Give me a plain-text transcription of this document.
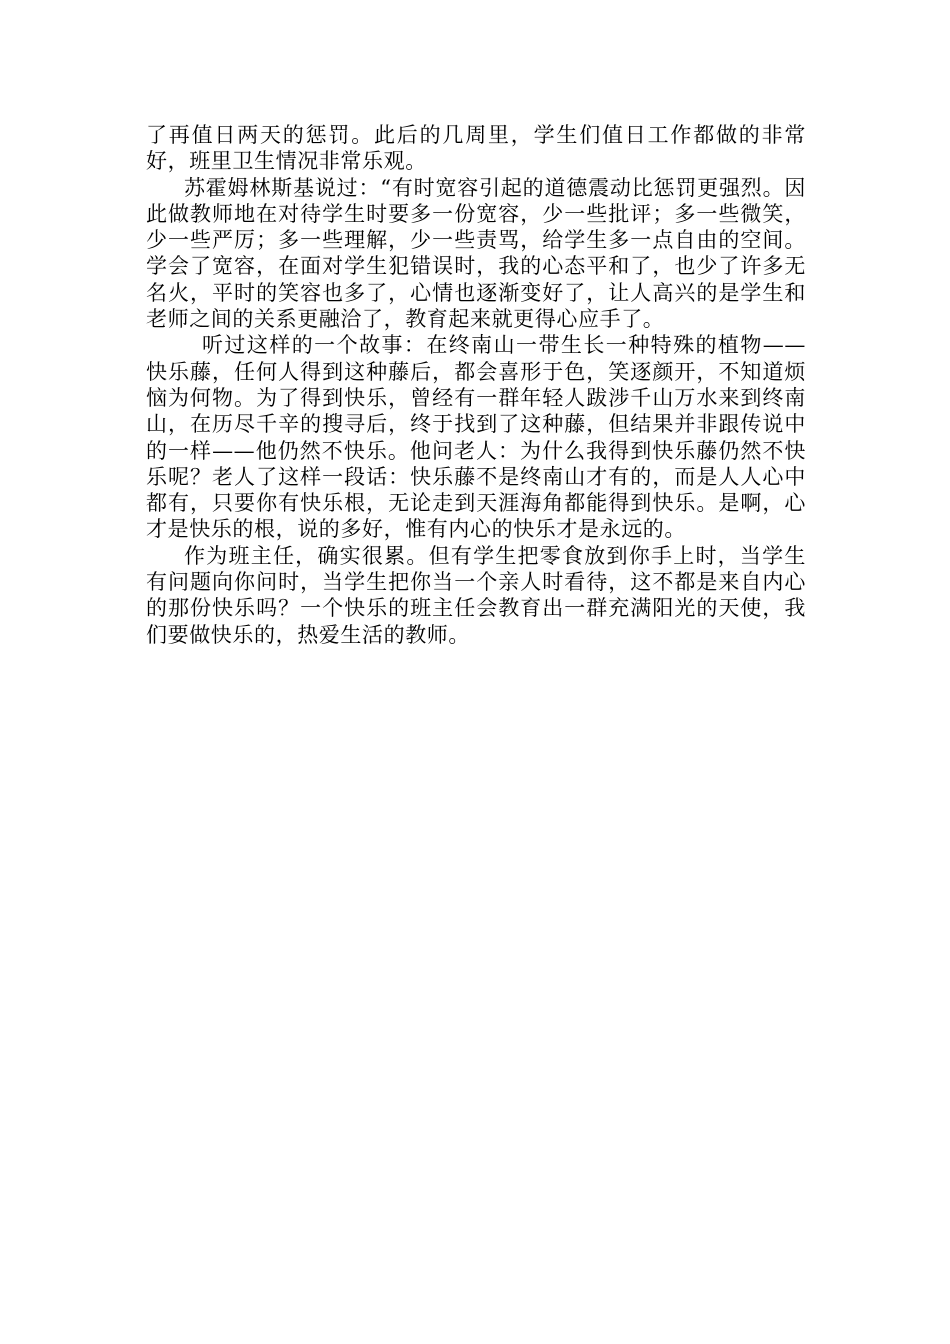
了再值日两天的惩罚。此后的几周里，学生们值日工作都做的非常好，班里卫生情况非常乐观。

苏霍姆林斯基说过：“有时宽容引起的道德震动比惩罚更强烈。因此做教师地在对待学生时要多一份宽容，少一些批评；多一些微笑，少一些严厉；多一些理解，少一些责骂，给学生多一点自由的空间。学会了宽容，在面对学生犯错误时，我的心态平和了，也少了许多无名火，平时的笑容也多了，心情也逐渐变好了，让人高兴的是学生和老师之间的关系更融洽了，教育起来就更得心应手了。

听过这样的一个故事：在终南山一带生长一种特殊的植物——快乐藤，任何人得到这种藤后，都会喜形于色，笑逐颜开，不知道烦恼为何物。为了得到快乐，曾经有一群年轻人跋涉千山万水来到终南山，在历尽千辛的搜寻后，终于找到了这种藤，但结果并非跟传说中的一样——他仍然不快乐。他问老人：为什么我得到快乐藤仍然不快乐呢？老人了这样一段话：快乐藤不是终南山才有的，而是人人心中都有，只要你有快乐根，无论走到天涯海角都能得到快乐。是啊，心才是快乐的根，说的多好，惟有内心的快乐才是永远的。

作为班主任，确实很累。但有学生把零食放到你手上时，当学生有问题向你问时，当学生把你当一个亲人时看待，这不都是来自内心的那份快乐吗？一个快乐的班主任会教育出一群充满阳光的天使，我们要做快乐的，热爱生活的教师。
